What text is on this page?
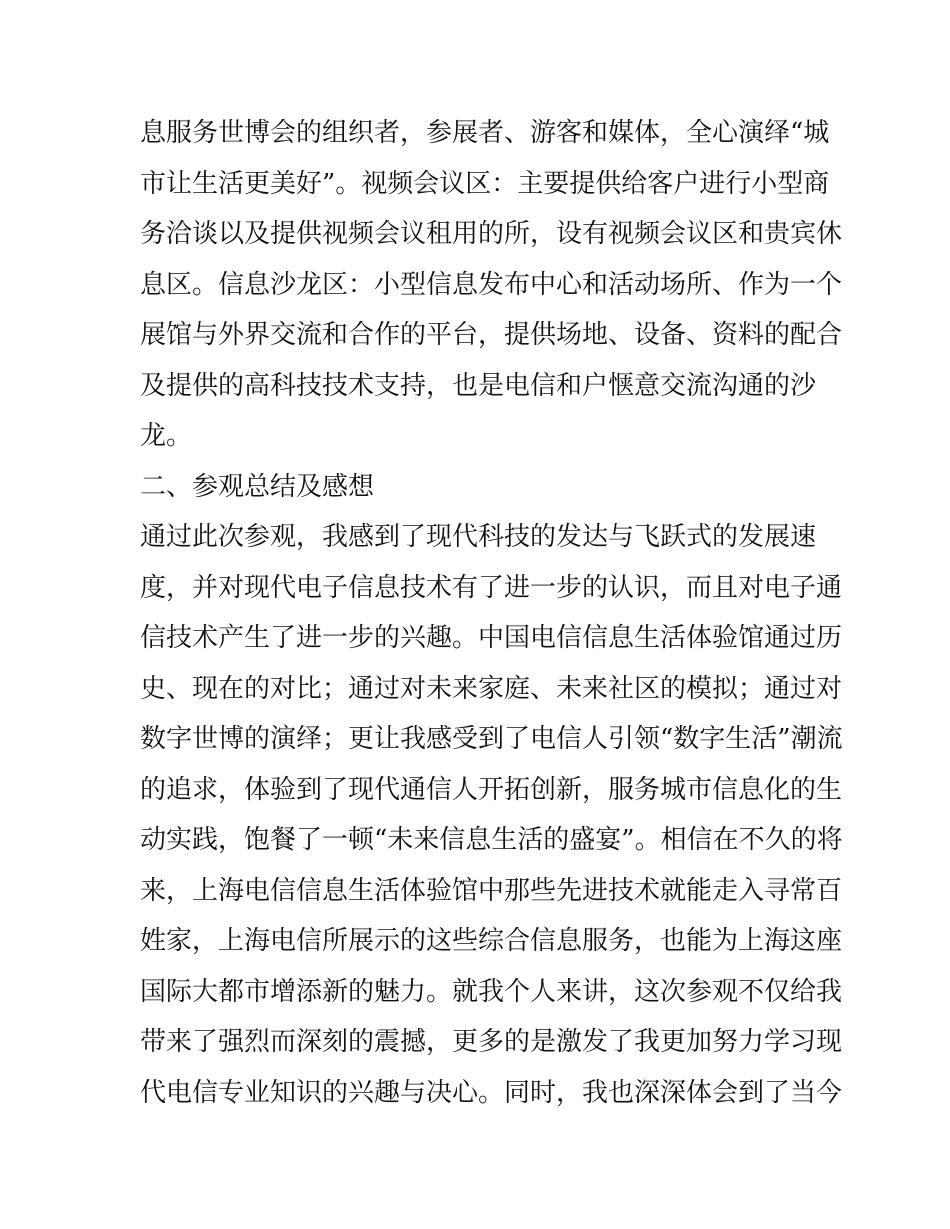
息服务世博会的组织者，参展者、游客和媒体，全心演绎“城
市让生活更美好”。视频会议区：主要提供给客户进行小型商
务洽谈以及提供视频会议租用的所，设有视频会议区和贵宾休
息区。信息沙龙区：小型信息发布中心和活动场所、作为一个
展馆与外界交流和合作的平台，提供场地、设备、资料的配合
及提供的高科技技术支持，也是电信和户惬意交流沟通的沙
龙。
二、参观总结及感想
通过此次参观，我感到了现代科技的发达与飞跃式的发展速
度，并对现代电子信息技术有了进一步的认识，而且对电子通
信技术产生了进一步的兴趣。中国电信信息生活体验馆通过历
史、现在的对比；通过对未来家庭、未来社区的模拟；通过对
数字世博的演绎；更让我感受到了电信人引领“数字生活”潮流
的追求，体验到了现代通信人开拓创新，服务城市信息化的生
动实践，饱餐了一顿“未来信息生活的盛宴”。相信在不久的将
来，上海电信信息生活体验馆中那些先进技术就能走入寻常百
姓家，上海电信所展示的这些综合信息服务，也能为上海这座
国际大都市增添新的魅力。就我个人来讲，这次参观不仅给我
带来了强烈而深刻的震撼，更多的是激发了我更加努力学习现
代电信专业知识的兴趣与决心。同时，我也深深体会到了当今
